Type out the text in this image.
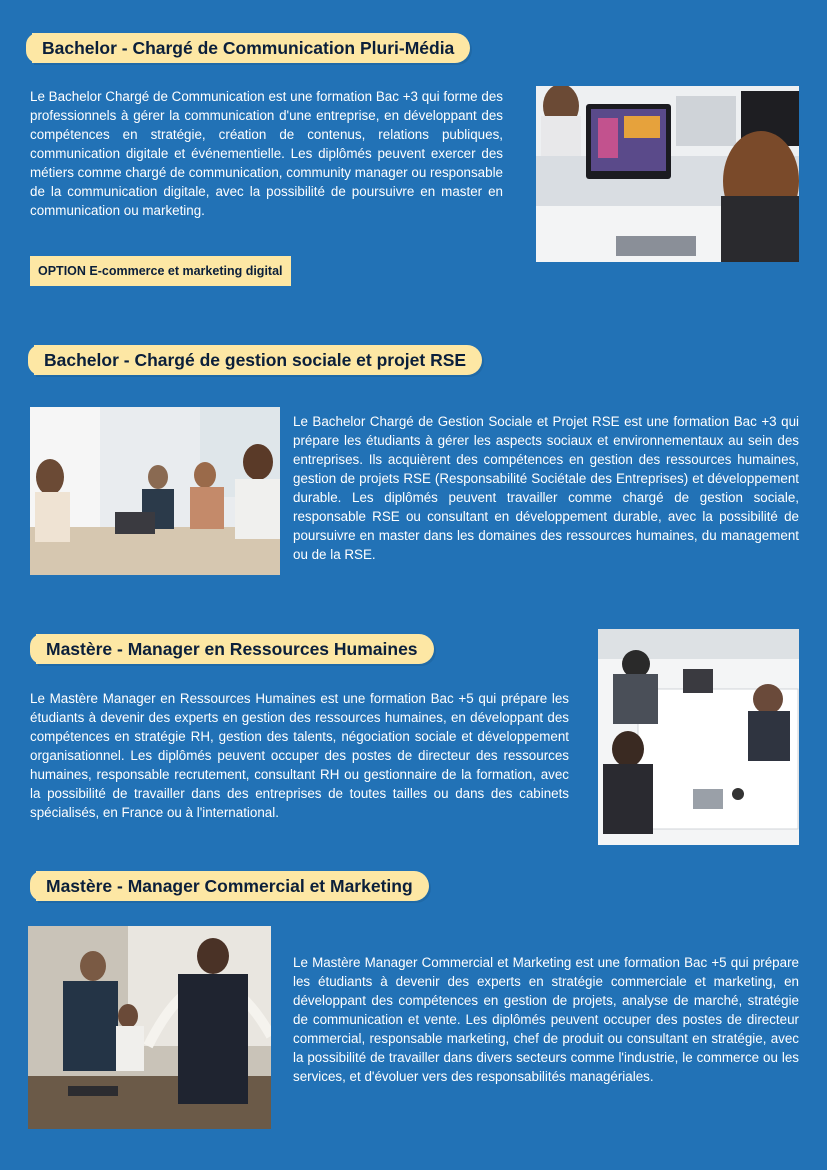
Bachelor - Chargé de Communication Pluri-Média

Le Bachelor Chargé de Communication est une formation Bac +3 qui forme des professionnels à gérer la communication d'une entreprise, en développant des compétences en stratégie, création de contenus, relations publiques, communication digitale et événementielle. Les diplômés peuvent exercer des métiers comme chargé de communication, community manager ou responsable de la communication digitale, avec la possibilité de poursuivre en master en communication ou marketing.

OPTION E-commerce et marketing digital
Bachelor - Chargé de gestion sociale et projet RSE

Le Bachelor Chargé de Gestion Sociale et Projet RSE est une formation Bac +3 qui prépare les étudiants à gérer les aspects sociaux et environnementaux au sein des entreprises. Ils acquièrent des compétences en gestion des ressources humaines, gestion de projets RSE (Responsabilité Sociétale des Entreprises) et développement durable. Les diplômés peuvent travailler comme chargé de gestion sociale, responsable RSE ou consultant en développement durable, avec la possibilité de poursuivre en master dans les domaines des ressources humaines, du management ou de la RSE.

Mastère - Manager en Ressources Humaines

Le Mastère Manager en Ressources Humaines est une formation Bac +5 qui prépare les étudiants à devenir des experts en gestion des ressources humaines, en développant des compétences en stratégie RH, gestion des talents, négociation sociale et développement organisationnel. Les diplômés peuvent occuper des postes de directeur des ressources humaines, responsable recrutement, consultant RH ou gestionnaire de la formation, avec la possibilité de travailler dans des entreprises de toutes tailles ou dans des cabinets spécialisés, en France ou à l'international.

Mastère - Manager Commercial et Marketing

Le Mastère Manager Commercial et Marketing est une formation Bac +5 qui prépare les étudiants à devenir des experts en stratégie commerciale et marketing, en développant des compétences en gestion de projets, analyse de marché, stratégie de communication et vente. Les diplômés peuvent occuper des postes de directeur commercial, responsable marketing, chef de produit ou consultant en stratégie, avec la possibilité de travailler dans divers secteurs comme l'industrie, le commerce ou les services, et d'évoluer vers des responsabilités managériales.
